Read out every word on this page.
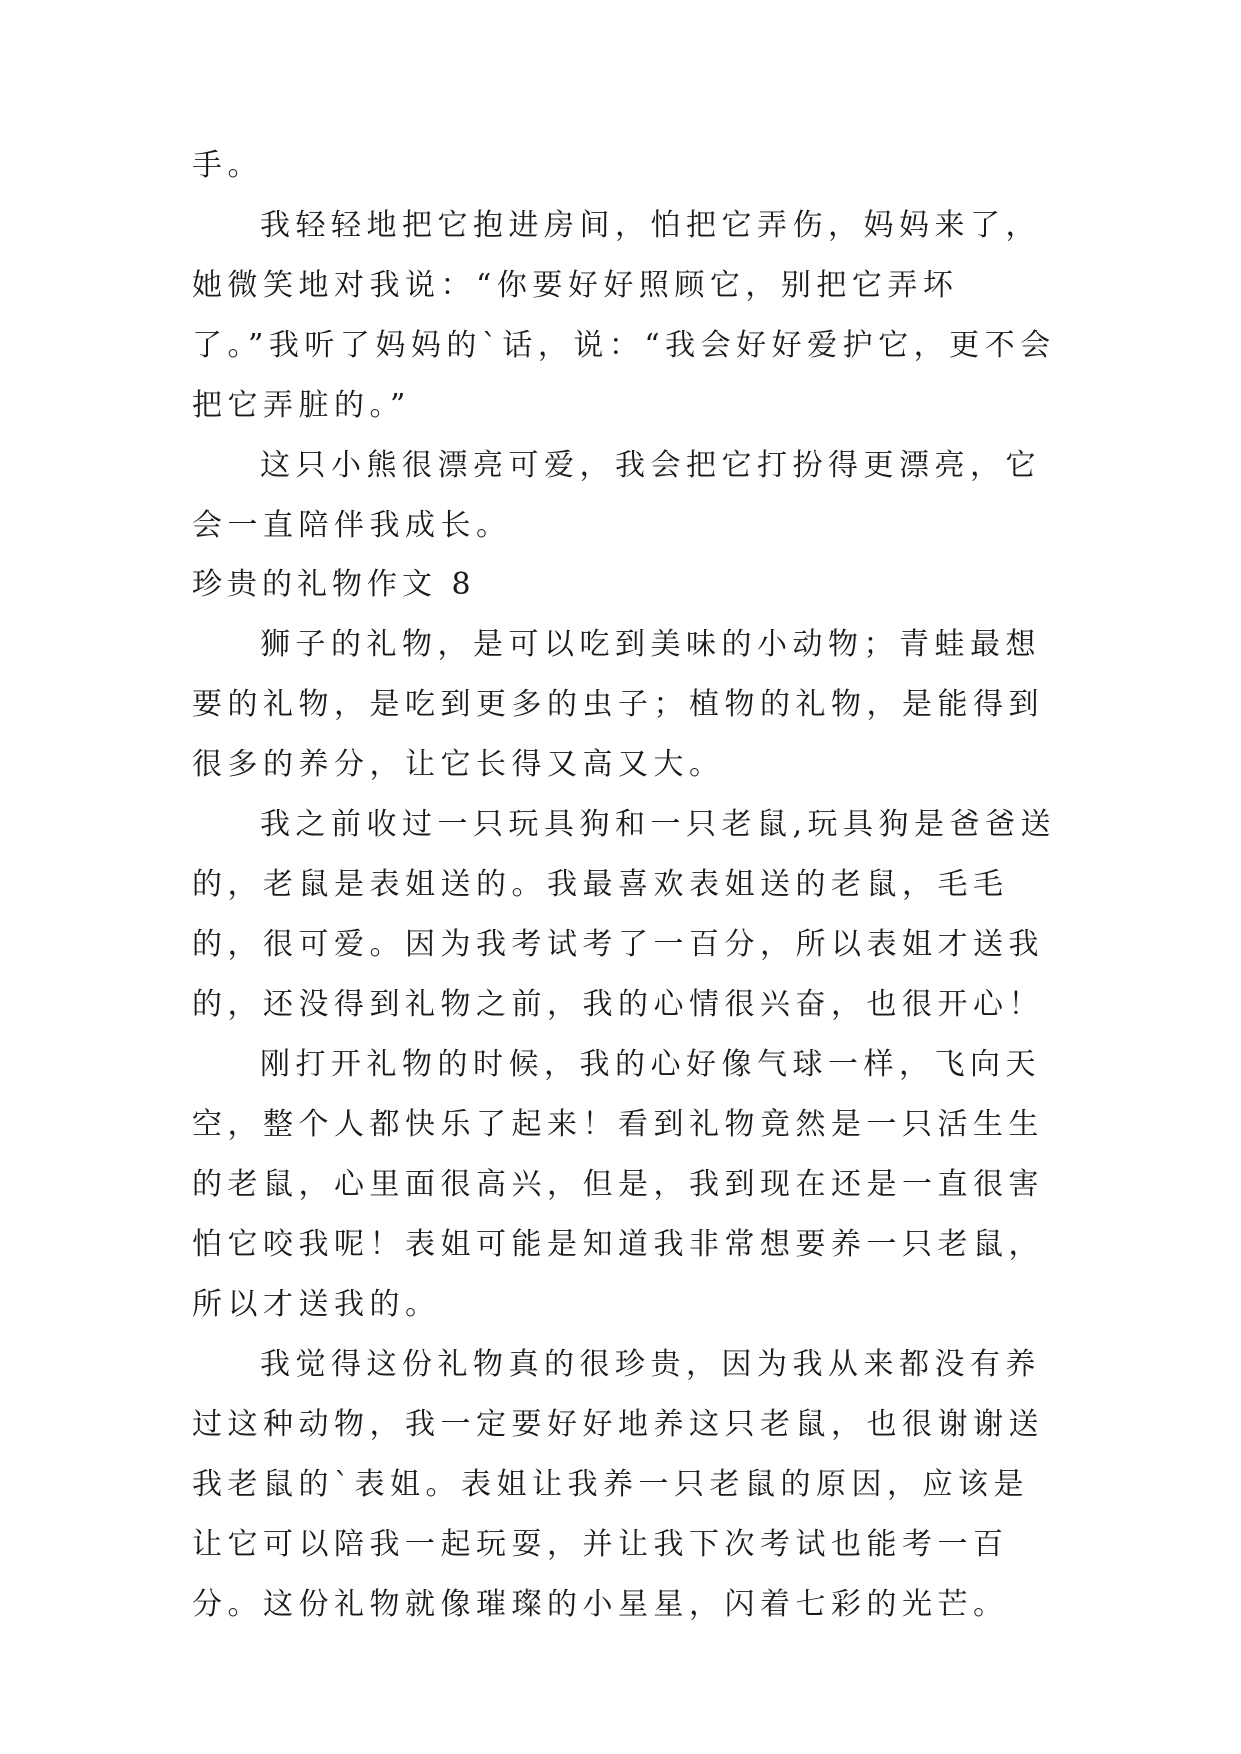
手。

我轻轻地把它抱进房间，怕把它弄伤，妈妈来了，她微笑地对我说：“你要好好照顾它，别把它弄坏了。”我听了妈妈的`话，说：“我会好好爱护它，更不会把它弄脏的。”

这只小熊很漂亮可爱，我会把它打扮得更漂亮，它会一直陪伴我成长。

珍贵的礼物作文 8

狮子的礼物，是可以吃到美味的小动物；青蛙最想要的礼物，是吃到更多的虫子；植物的礼物，是能得到很多的养分，让它长得又高又大。

我之前收过一只玩具狗和一只老鼠,玩具狗是爸爸送的，老鼠是表姐送的。我最喜欢表姐送的老鼠，毛毛的，很可爱。因为我考试考了一百分，所以表姐才送我的，还没得到礼物之前，我的心情很兴奋，也很开心！

刚打开礼物的时候，我的心好像气球一样，飞向天空，整个人都快乐了起来！看到礼物竟然是一只活生生的老鼠，心里面很高兴，但是，我到现在还是一直很害怕它咬我呢！表姐可能是知道我非常想要养一只老鼠，所以才送我的。

我觉得这份礼物真的很珍贵，因为我从来都没有养过这种动物，我一定要好好地养这只老鼠，也很谢谢送我老鼠的`表姐。表姐让我养一只老鼠的原因，应该是让它可以陪我一起玩耍，并让我下次考试也能考一百分。这份礼物就像璀璨的小星星，闪着七彩的光芒。
